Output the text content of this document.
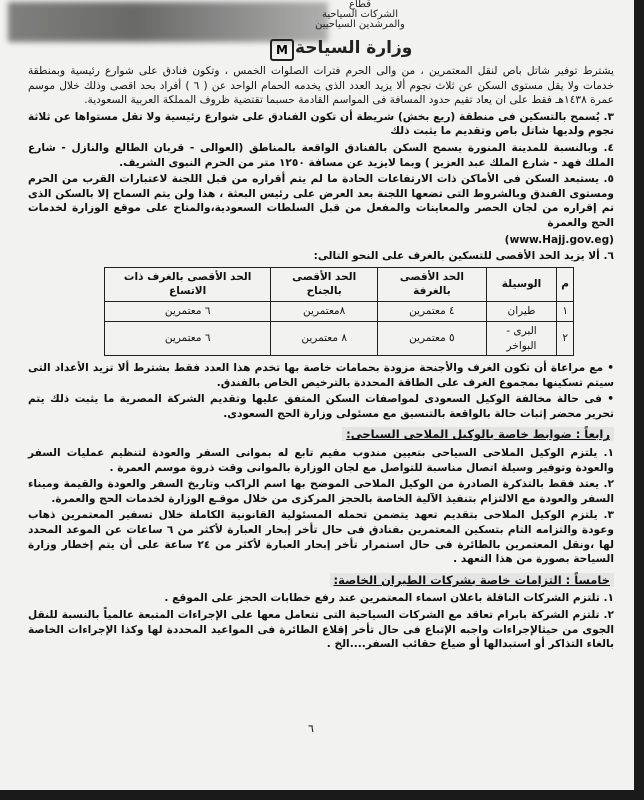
قطاع
الشركات السياحية
والمرشدين السياحيين
وزارة السياحة
M

يشترط توفير شاتل باص لنقل المعتمرين ، من والى الحرم فترات الصلوات الخمس ، وتكون فنادق على شوارع رئيسية وبمنطقة خدمات ولا يقل مستوى السكن عن ثلاث نجوم ألا يزيد العدد الذى يخدمه الحمام الواحد عن ( ٦ ) أفراد بحد اقصى وذلك خلال موسم عمرة ١٤٣٨هـ فقط على ان يعاد تقيم حدود المسافة فى المواسم القادمة حسبما تقتضية ظروف المملكة العربية السعودية.

٣. يُسمح بالتسكين فى منطقة (ريع بخش) شريطة أن تكون الفنادق على شوارع رئيسية ولا تقل مستواها عن ثلاثة نجوم ولديها شاتل باص وتقديم ما يثبت ذلك

٤. وبالنسبة للمدينة المنورة يسمح السكن بالفنادق الواقعة بالمناطق (العوالى - قربان الطالع والنازل - شارع الملك فهد - شارع الملك عبد العزيز ) وبما لايزيد عن مسافة ١٢٥٠ متر من الحرم النبوى الشريف.

٥. يستبعد السكن فى الأماكن ذات الارتفاعات الحادة ما لم يتم أقراره من قبل اللجنة لاعتبارات القرب من الحرم ومستوى الفندق وبالشروط التى تضعها اللجنة بعد العرض على رئيس البعثة ، هذا ولن يتم السماح إلا بالسكن الذى تم إقراره من لجان الحصر والمعاينات والمفعل من قبل السلطات السعودية،والمتاح على موقع الوزارة لخدمات الحج والعمرة

(www.Hajj.gov.eg)

٦. ألا يزيد الحد الأقصى للتسكين بالغرف على النحو التالى:

م	الوسيلة	الحد الأقصى بالغرفة	الحد الأقصى بالجناح	الحد الأقصى بالغرف ذات الاتساع
١	طيران	٤ معتمرين	٨معتمرين	٦ معتمرين
٢	البرى - البواخر	٥ معتمرين	٨ معتمرين	٦ معتمرين

• مع مراعاة أن تكون الغرف والأجنحة مزودة بحمامات خاصة بها تخدم هذا العدد فقط بشترط ألا تزيد الأعداد التى سيتم تسكينها بمجموع الغرف على الطاقة المحددة بالترخيص الخاص بالفندق.

• فى حالة مخالفة الوكيل السعودى لمواصفات السكن المتفق عليها وتقديم الشركة المصرية ما يثبت ذلك يتم تحرير محضر إثبات حالة بالواقعة بالتنسيق مع مسئولى وزارة الحج السعودى.

رابعاً : ضوابط خاصة بالوكيل الملاحى السياحى:

١. يلتزم الوكيل الملاحى السياحى بتعيين مندوب مقيم تابع له بموانى السفر والعودة لتنظيم عمليات السفر والعودة وتوفير وسيلة اتصال مناسبة للتواصل مع لجان الوزارة بالموانى وقت ذروة موسم العمرة .

٢. يعتد فقط بالتذكرة الصادرة من الوكيل الملاحى الموضح بها اسم الراكب وتاريخ السفر والعودة والقيمة وميناء السفر والعودة مع الالتزام بتنفيذ الآلية الخاصة بالحجز المركزى من خلال موقـع الوزارة لخدمات الحج والعمرة.

٣. يلتزم الوكيل الملاحى بتقديم تعهد يتضمن تحمله المسئولية القانونية الكاملة خلال تسفير المعتمرين ذهاب وعودة والتزامه التام بتسكين المعتمرين بفنادق فى حال تأخر إبحار العبارة لأكثر من ٦ ساعات عن الموعد المحدد لها ،ونقل المعتمرين بالطائرة فى حال استمرار تأخر إبحار العبارة لأكثر من ٢٤ ساعة على أن يتم إخطار وزارة السياحة بصورة من هذا التعهد .

خامساً : التزامات خاصة بشركات الطيران الخاصة:

١. تلتزم الشركات الناقلة باعلان اسماء المعتمرين عند رفع خطابات الحجز على الموقع .

٢. تلتزم الشركة بابرام تعاقد مع الشركات السياحية التى تتعامل معها على الإجراءات المتبعة عالمياً بالنسبة للنقل الجوى من حيثالإجراءات واجبه الإتباع فى حال تأخر إقلاع الطائرة فى المواعيد المحددة لها وكذا الإجراءات الخاصة بالغاء التذاكر أو استبدالها أو ضياع حقائب السفر....الخ .

٦
